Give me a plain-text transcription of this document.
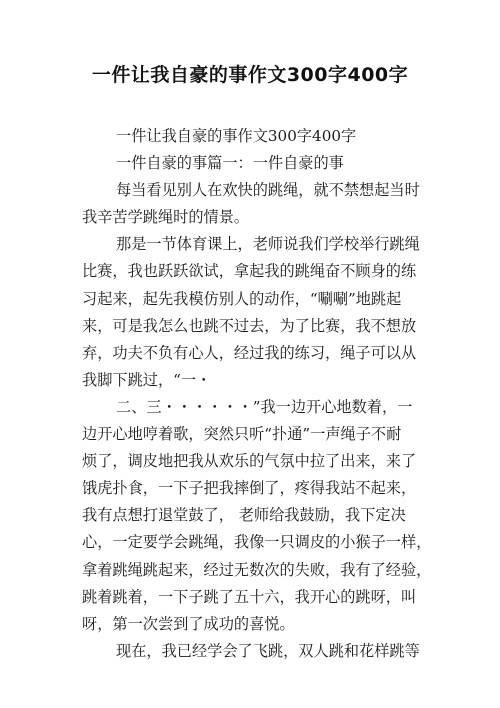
一件让我自豪的事作文300字400字
一件让我自豪的事作文300字400字
一件自豪的事篇一：一件自豪的事
每当看见别人在欢快的跳绳，就不禁想起当时
我辛苦学跳绳时的情景。
那是一节体育课上，老师说我们学校举行跳绳
比赛，我也跃跃欲试，拿起我的跳绳奋不顾身的练
习起来，起先我模仿别人的动作，“唰唰”地跳起
来，可是我怎么也跳不过去，为了比赛，我不想放
弃，功夫不负有心人，经过我的练习，绳子可以从
我脚下跳过，“一・
二、三・・・・・・”我一边开心地数着，一
边开心地哼着歌，突然只听“扑通”一声绳子不耐
烦了，调皮地把我从欢乐的气氛中拉了出来，来了
饿虎扑食，一下子把我摔倒了，疼得我站不起来，
我有点想打退堂鼓了， 老师给我鼓励，我下定决
心，一定要学会跳绳，我像一只调皮的小猴子一样，
拿着跳绳跳起来，经过无数次的失败，我有了经验，
跳着跳着，一下子跳了五十六，我开心的跳呀，叫
呀，第一次尝到了成功的喜悦。
现在，我已经学会了飞跳，双人跳和花样跳等
